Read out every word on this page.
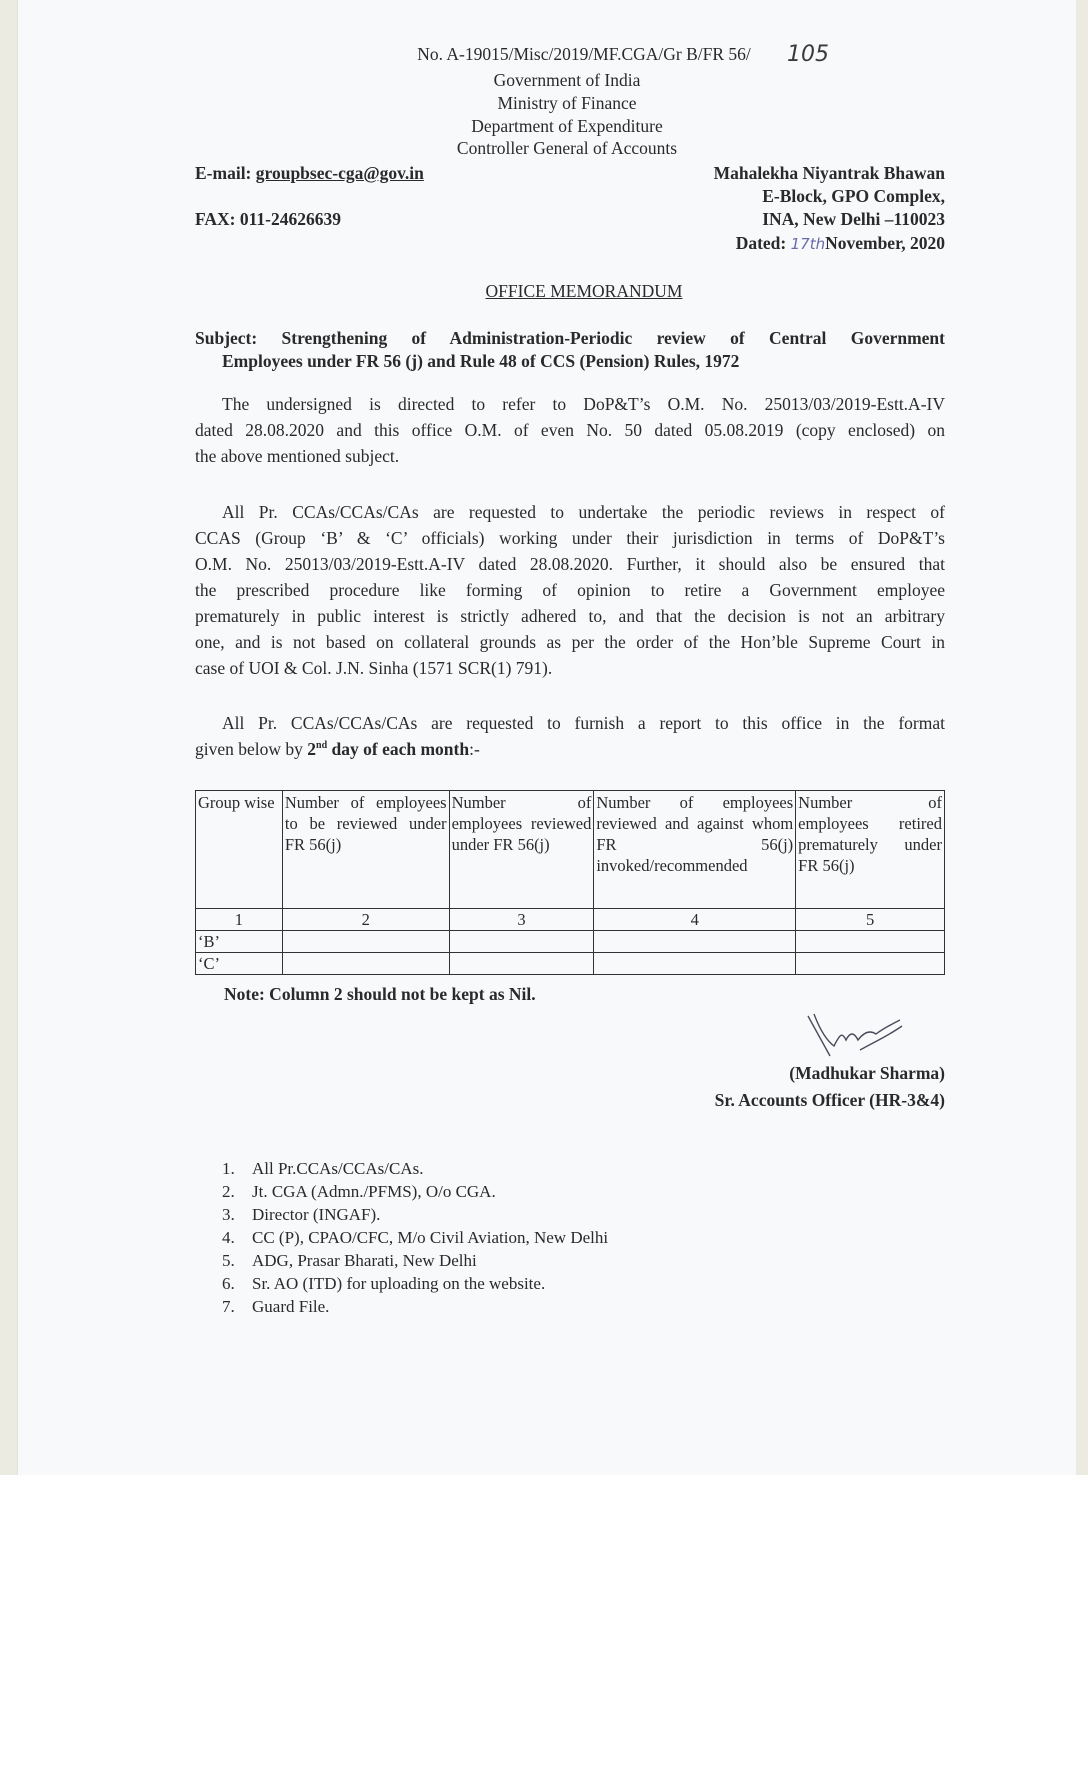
No. A-19015/Misc/2019/MF.CGA/Gr B/FR 56/ 105
Government of India
Ministry of Finance
Department of Expenditure
Controller General of Accounts
E-mail: groupbsec-cga@gov.in
FAX: 011-24626639
Mahalekha Niyantrak Bhawan
E-Block, GPO Complex,
INA, New Delhi –110023
Dated: 17thNovember, 2020
OFFICE MEMORANDUM
Subject: Strengthening of Administration-Periodic review of Central Government
Employees under FR 56 (j) and Rule 48 of CCS (Pension) Rules, 1972
The undersigned is directed to refer to DoP&T’s O.M. No. 25013/03/2019-Estt.A-IV
dated 28.08.2020 and this office O.M. of even No. 50 dated 05.08.2019 (copy enclosed) on
the above mentioned subject.
All Pr. CCAs/CCAs/CAs are requested to undertake the periodic reviews in respect of
CCAS (Group ‘B’ & ‘C’ officials) working under their jurisdiction in terms of DoP&T’s
O.M. No. 25013/03/2019-Estt.A-IV dated 28.08.2020. Further, it should also be ensured that
the prescribed procedure like forming of opinion to retire a Government employee
prematurely in public interest is strictly adhered to, and that the decision is not an arbitrary
one, and is not based on collateral grounds as per the order of the Hon’ble Supreme Court in
case of UOI & Col. J.N. Sinha (1571 SCR(1) 791).
All Pr. CCAs/CCAs/CAs are requested to furnish a report to this office in the format
given below by 2nd day of each month:-
Group wise	Number of employees to be reviewed under FR 56(j)	Number of employees reviewed under FR 56(j)	Number of employees reviewed and against whom FR 56(j) invoked/recommended	Number of employees retired prematurely under FR 56(j)
1	2	3	4	5
‘B’				
‘C’				
Note: Column 2 should not be kept as Nil.
(Madhukar Sharma)
Sr. Accounts Officer (HR-3&4)
1. All Pr.CCAs/CCAs/CAs.
2. Jt. CGA (Admn./PFMS), O/o CGA.
3. Director (INGAF).
4. CC (P), CPAO/CFC, M/o Civil Aviation, New Delhi
5. ADG, Prasar Bharati, New Delhi
6. Sr. AO (ITD) for uploading on the website.
7. Guard File.
